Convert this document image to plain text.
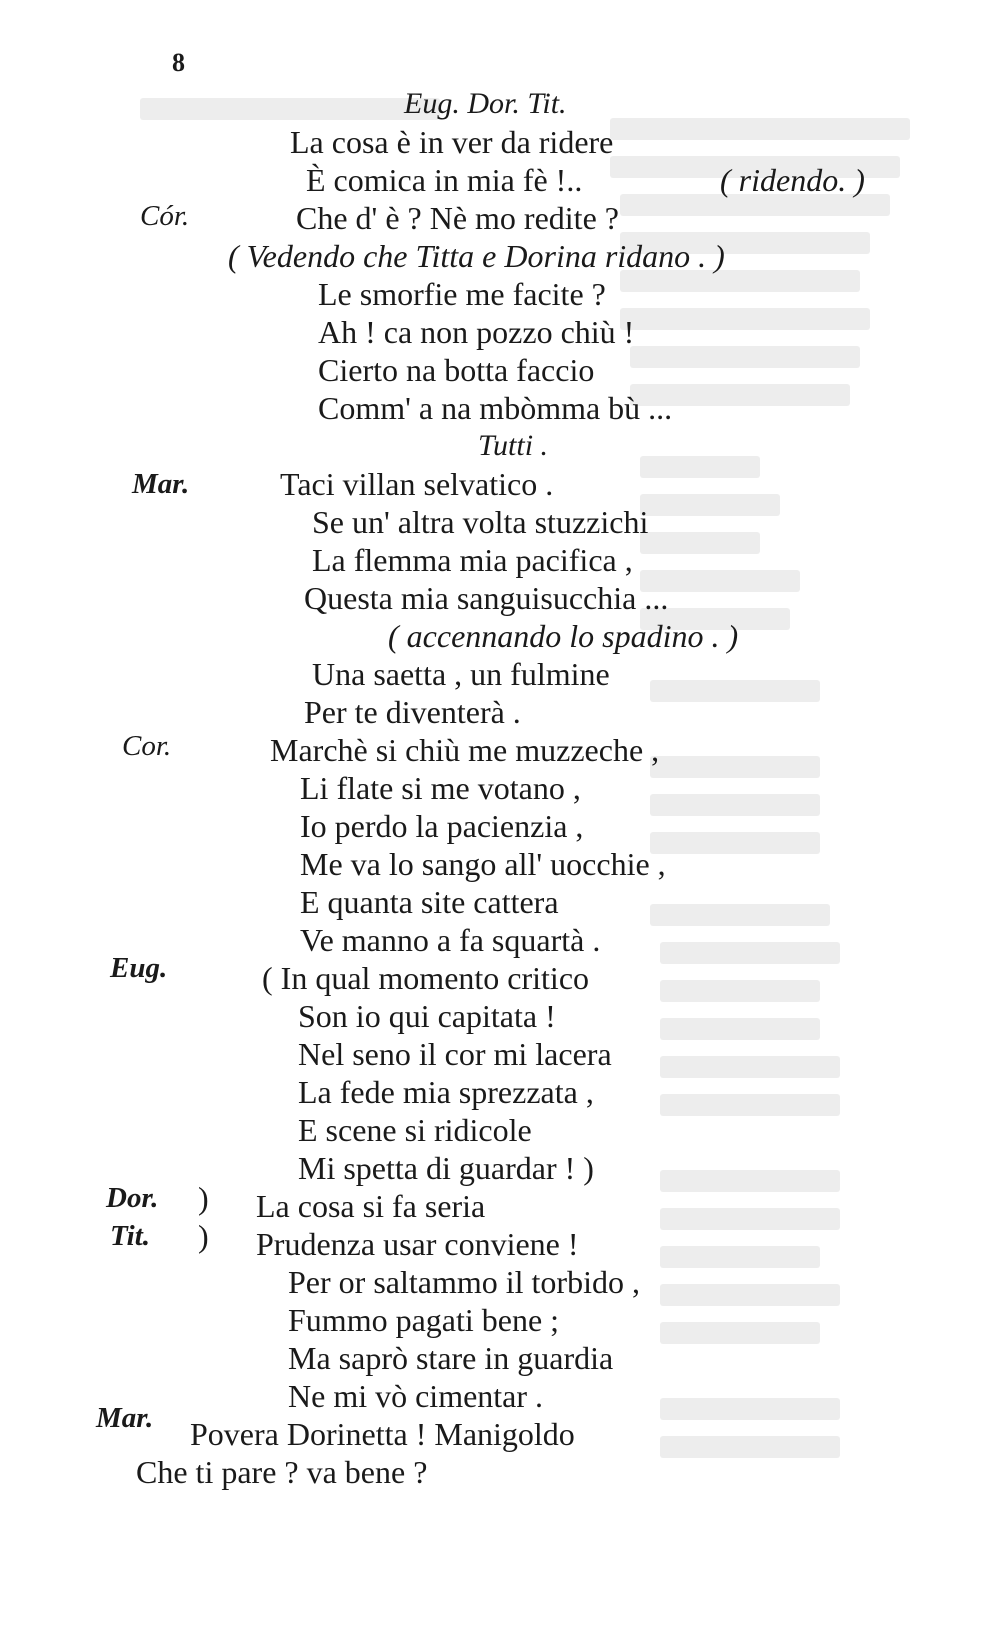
8
Cór.
Mar.
Cor.
Eug.
Dor.
Tit.
Mar.
)
)
Eug. Dor. Tit.
La cosa è in ver da ridere
È comica in mia fè !..	( ridendo. )
Che d' è ? Nè mo redite ?
( Vedendo che Titta e Dorina ridano . )
Le smorfie me facite ?
Ah ! ca non pozzo chiù !
Cierto na botta faccio
Comm' a na mbòmma bù ...
Tutti .
Taci villan selvatico .
Se un' altra volta stuzzichi
La flemma mia pacifica ,
Questa mia sanguisucchia ...
( accennando lo spadino . )
Una saetta , un fulmine
Per te diventerà .
Marchè si chiù me muzzeche ,
Li flate si me votano ,
Io perdo la pacienzia ,
Me va lo sango all' uocchie ,
E quanta site cattera
Ve manno a fa squartà .
( In qual momento critico
Son io qui capitata !
Nel seno il cor mi lacera
La fede mia sprezzata ,
E scene si ridicole
Mi spetta di guardar ! )
La cosa si fa seria
Prudenza usar conviene !
Per or saltammo il torbido ,
Fummo pagati bene ;
Ma saprò stare in guardia
Ne mi vò cimentar .
Povera Dorinetta ! Manigoldo
Che ti pare ? va bene ?
